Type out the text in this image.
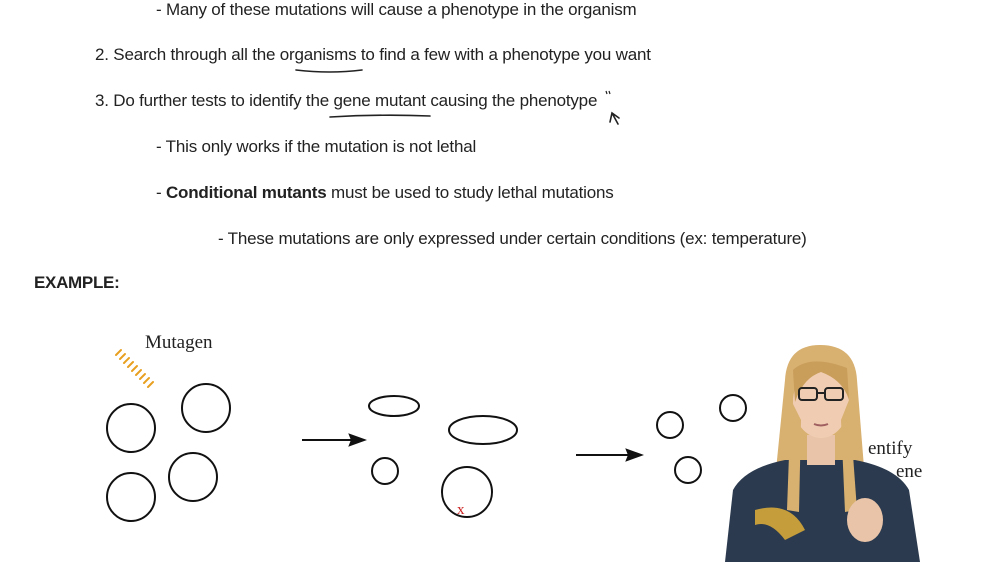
- Many of these mutations will cause a phenotype in the organism
2. Search through all the organisms to find a few with a phenotype you want
3. Do further tests to identify the gene mutant causing the phenotype
- This only works if the mutation is not lethal
- Conditional mutants must be used to study lethal mutations
- These mutations are only expressed under certain conditions (ex: temperature)
EXAMPLE:
x
Mutagen
entify
ene
